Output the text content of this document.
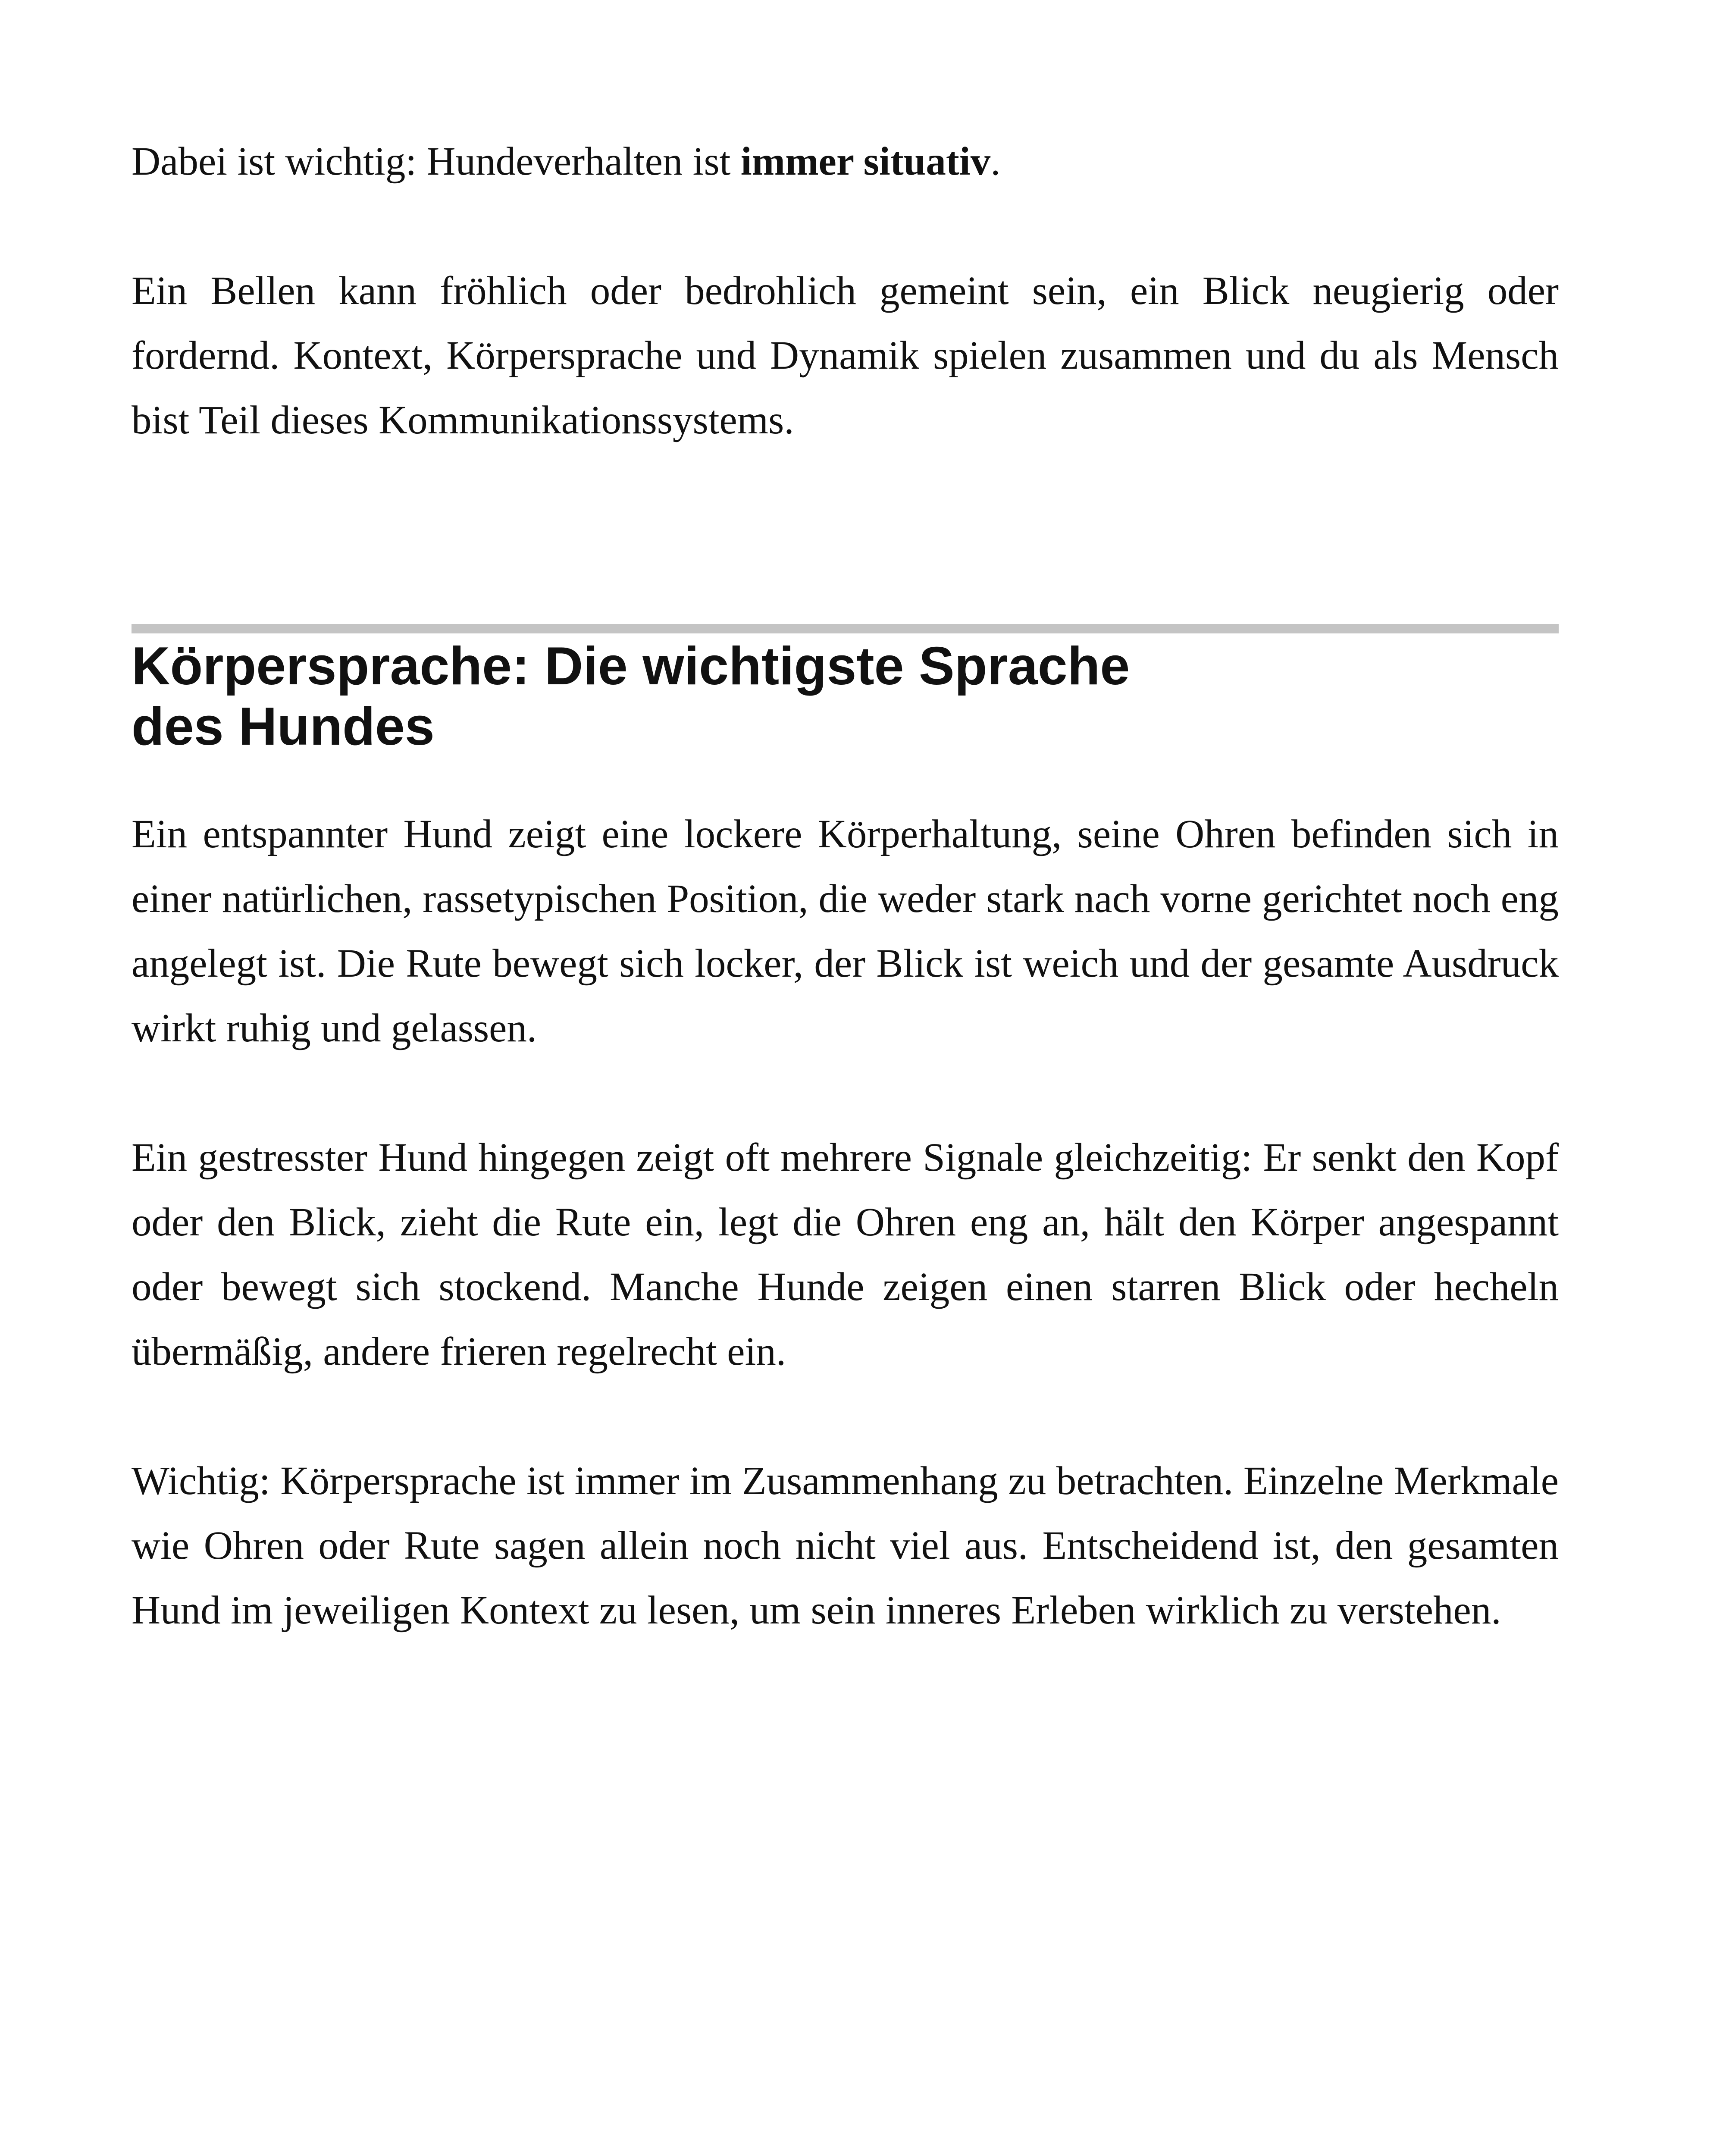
Dabei ist wichtig: Hundeverhalten ist immer situativ.

Ein Bellen kann fröhlich oder bedrohlich gemeint sein, ein Blick neugierig oder fordernd. Kontext, Körpersprache und Dynamik spielen zusammen und du als Mensch bist Teil dieses Kommunikationssystems.

Körpersprache: Die wichtigste Sprache
des Hundes

Ein entspannter Hund zeigt eine lockere Körperhaltung, seine Ohren befinden sich in einer natürlichen, rassetypischen Position, die weder stark nach vorne gerichtet noch eng angelegt ist. Die Rute bewegt sich locker, der Blick ist weich und der gesamte Ausdruck wirkt ruhig und gelassen.

Ein gestresster Hund hingegen zeigt oft mehrere Signale gleichzeitig: Er senkt den Kopf oder den Blick, zieht die Rute ein, legt die Ohren eng an, hält den Körper angespannt oder bewegt sich stockend. Manche Hunde zeigen einen starren Blick oder hecheln übermäßig, andere frieren regelrecht ein.

Wichtig: Körpersprache ist immer im Zusammenhang zu betrachten. Einzelne Merkmale wie Ohren oder Rute sagen allein noch nicht viel aus. Entscheidend ist, den gesamten Hund im jeweiligen Kontext zu lesen, um sein inneres Erleben wirklich zu verstehen.
